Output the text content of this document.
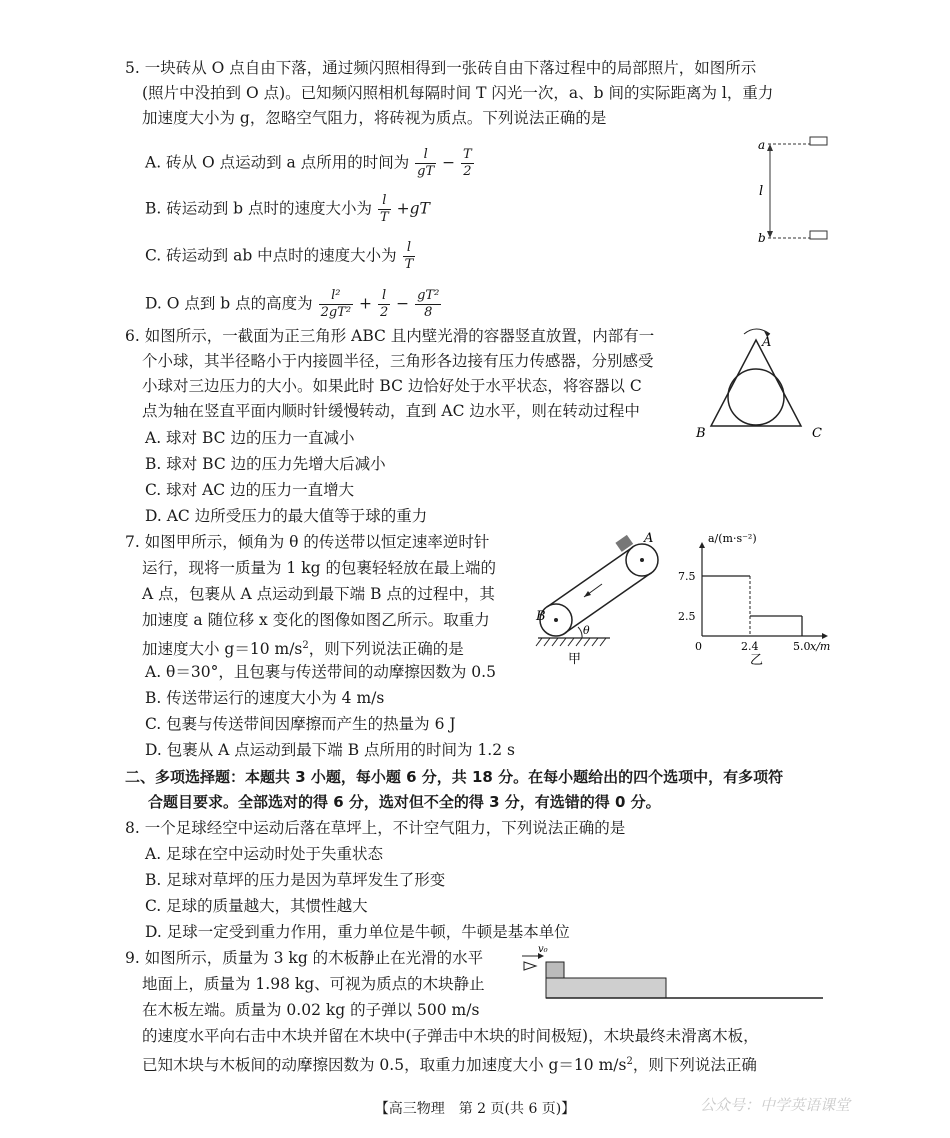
5. 一块砖从 O 点自由下落，通过频闪照相得到一张砖自由下落过程中的局部照片，如图所示
(照片中没拍到 O 点)。已知频闪照相机每隔时间 T 闪光一次，a、b 间的实际距离为 l，重力
加速度大小为 g，忽略空气阻力，将砖视为质点。下列说法正确的是
A. 砖从 O 点运动到 a 点所用的时间为 $\frac{l}{gT} - \frac{T}{2}$
B. 砖运动到 b 点时的速度大小为 $\frac{l}{T} +gT$
C. 砖运动到 ab 中点时的速度大小为 $\frac{l}{T}$
D. O 点到 b 点的高度为 $\frac{\text{l²}}{\text{2gT²}} + \frac{l}{2} - \frac{\text{gT²}}{8}$
a
b
l
6. 如图所示，一截面为正三角形 ABC 且内壁光滑的容器竖直放置，内部有一
个小球，其半径略小于内接圆半径，三角形各边接有压力传感器，分别感受
小球对三边压力的大小。如果此时 BC 边恰好处于水平状态，将容器以 C
点为轴在竖直平面内顺时针缓慢转动，直到 AC 边水平，则在转动过程中
A. 球对 BC 边的压力一直减小
B. 球对 BC 边的压力先增大后减小
C. 球对 AC 边的压力一直增大
D. AC 边所受压力的最大值等于球的重力
A
B	C
7. 如图甲所示，倾角为 θ 的传送带以恒定速率逆时针
运行，现将一质量为 1 kg 的包裹轻轻放在最上端的
A 点，包裹从 A 点运动到最下端 B 点的过程中，其
加速度 a 随位移 x 变化的图像如图乙所示。取重力
加速度大小 g＝10 $m/s^2$，则下列说法正确的是
A. θ＝30°，且包裹与传送带间的动摩擦因数为 0.5
B. 传送带运行的速度大小为 4 m/s
C. 包裹与传送带间因摩擦而产生的热量为 6 J
D. 包裹从 A 点运动到最下端 B 点所用的时间为 1.2 s
θ
A
B
甲
a/(m·s⁻²)
7.5
2.5
0	2.4	5.0 x/m
乙
二、多项选择题：本题共 3 小题，每小题 6 分，共 18 分。在每小题给出的四个选项中，有多项符
合题目要求。全部选对的得 6 分，选对但不全的得 3 分，有选错的得 0 分。
8. 一个足球经空中运动后落在草坪上，不计空气阻力，下列说法正确的是
A. 足球在空中运动时处于失重状态
B. 足球对草坪的压力是因为草坪发生了形变
C. 足球的质量越大，其惯性越大
D. 足球一定受到重力作用，重力单位是牛顿，牛顿是基本单位
9. 如图所示，质量为 3 kg 的木板静止在光滑的水平
地面上，质量为 1.98 kg、可视为质点的木块静止
在木板左端。质量为 0.02 kg 的子弹以 500 m/s
的速度水平向右击中木块并留在木块中(子弹击中木块的时间极短)，木块最终未滑离木板，
已知木块与木板间的动摩擦因数为 0.5，取重力加速度大小 g＝10 $m/s^2$，则下列说法正确
v₀
【高三物理　第 2 页(共 6 页)】	公众号：中学英语课堂
